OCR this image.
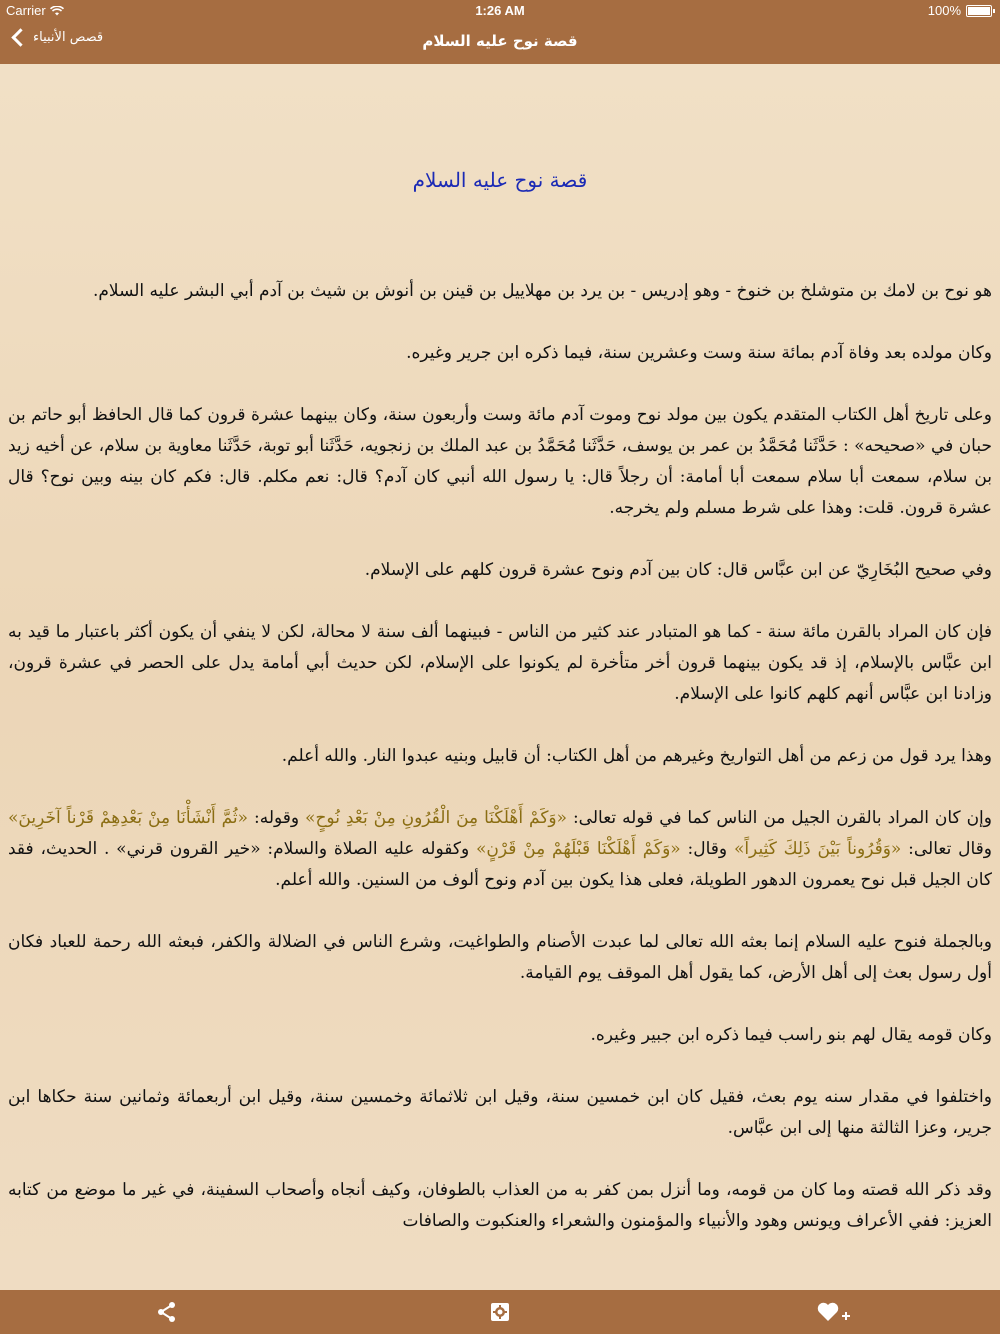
Carrier	1:26 AM	100%
قصص الأنبياء	قصة نوح عليه السلام
قصة نوح عليه السلام

هو نوح بن لامك بن متوشلخ بن خنوخ - وهو إدريس - بن يرد بن مهلاييل بن قينن بن أنوش بن شيث بن آدم أبي البشر عليه السلام.

وكان مولده بعد وفاة آدم بمائة سنة وست وعشرين سنة، فيما ذكره ابن جرير وغيره.

وعلى تاريخ أهل الكتاب المتقدم يكون بين مولد نوح وموت آدم مائة وست وأربعون سنة، وكان بينهما عشرة قرون كما قال الحافظ أبو حاتم بن حبان في «صحيحه» : حَدَّثَنا مُحَمَّدُ بن عمر بن يوسف، حَدَّثَنا مُحَمَّدُ بن عبد الملك بن زنجويه، حَدَّثَنا أبو توبة، حَدَّثَنا معاوية بن سلام، عن أخيه زيد بن سلام، سمعت أبا سلام سمعت أبا أمامة: أن رجلاً قال: يا رسول الله أنبي كان آدم؟ قال: نعم مكلم. قال: فكم كان بينه وبين نوح؟ قال عشرة قرون. قلت: وهذا على شرط مسلم ولم يخرجه.

وفي صحيح البُخَارِيّ عن ابن عبَّاس قال: كان بين آدم ونوح عشرة قرون كلهم على الإسلام.

فإن كان المراد بالقرن مائة سنة - كما هو المتبادر عند كثير من الناس - فبينهما ألف سنة لا محالة، لكن لا ينفي أن يكون أكثر باعتبار ما قيد به ابن عبَّاس بالإسلام، إذ قد يكون بينهما قرون أخر متأخرة لم يكونوا على الإسلام، لكن حديث أبي أمامة يدل على الحصر في عشرة قرون، وزادنا ابن عبَّاس أنهم كلهم كانوا على الإسلام.

وهذا يرد قول من زعم من أهل التواريخ وغيرهم من أهل الكتاب: أن قابيل وبنيه عبدوا النار. والله أعلم.

وإن كان المراد بالقرن الجيل من الناس كما في قوله تعالى: «وَكَمْ أَهْلَكْنَا مِنَ الْقُرُونِ مِنْ بَعْدِ نُوحٍ» وقوله: «ثُمَّ أَنْشَأْنَا مِنْ بَعْدِهِمْ قَرْناً آخَرِينَ» وقال تعالى: «وَقُرُوناً بَيْنَ ذَلِكَ كَثِيراً» وقال: «وَكَمْ أَهْلَكْنَا قَبْلَهُمْ مِنْ قَرْنٍ» وكقوله عليه الصلاة والسلام: «خير القرون قرني» . الحديث، فقد كان الجيل قبل نوح يعمرون الدهور الطويلة، فعلى هذا يكون بين آدم ونوح ألوف من السنين. والله أعلم.

وبالجملة فنوح عليه السلام إنما بعثه الله تعالى لما عبدت الأصنام والطواغيت، وشرع الناس في الضلالة والكفر، فبعثه الله رحمة للعباد فكان أول رسول بعث إلى أهل الأرض، كما يقول أهل الموقف يوم القيامة.

وكان قومه يقال لهم بنو راسب فيما ذكره ابن جبير وغيره.

واختلفوا في مقدار سنه يوم بعث، فقيل كان ابن خمسين سنة، وقيل ابن ثلاثمائة وخمسين سنة، وقيل ابن أربعمائة وثمانين سنة حكاها ابن جرير، وعزا الثالثة منها إلى ابن عبَّاس.

وقد ذكر الله قصته وما كان من قومه، وما أنزل بمن كفر به من العذاب بالطوفان، وكيف أنجاه وأصحاب السفينة، في غير ما موضع من كتابه العزيز: ففي الأعراف ويونس وهود والأنبياء والمؤمنون والشعراء والعنكبوت والصافات
